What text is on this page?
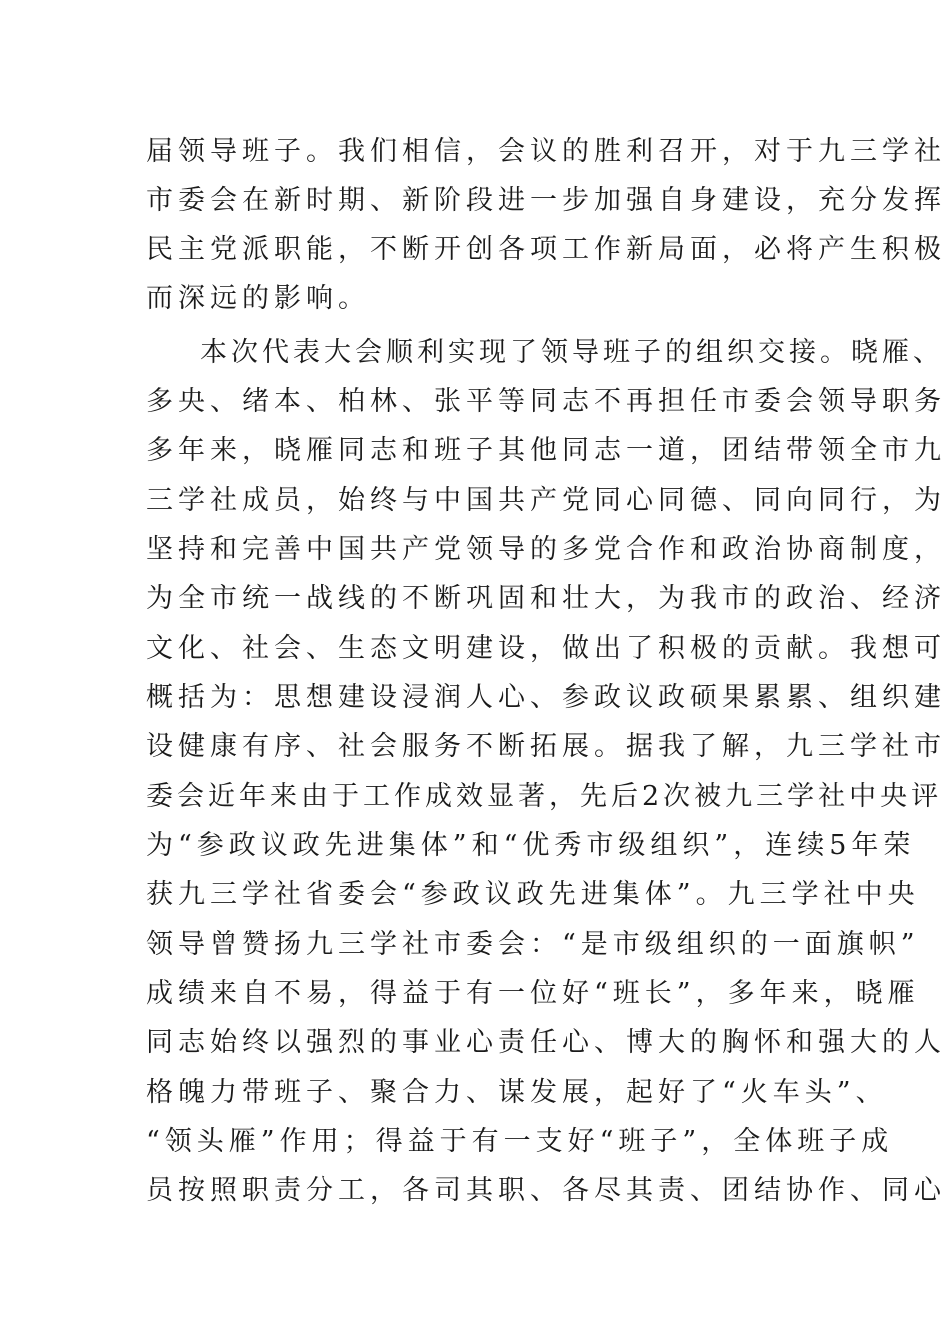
届领导班子。我们相信，会议的胜利召开，对于九三学社

市委会在新时期、新阶段进一步加强自身建设，充分发挥

民主党派职能，不断开创各项工作新局面，必将产生积极

而深远的影响。

本次代表大会顺利实现了领导班子的组织交接。晓雁、

多央、绪本、柏林、张平等同志不再担任市委会领导职务

多年来，晓雁同志和班子其他同志一道，团结带领全市九

三学社成员，始终与中国共产党同心同德、同向同行，为

坚持和完善中国共产党领导的多党合作和政治协商制度，

为全市统一战线的不断巩固和壮大，为我市的政治、经济

文化、社会、生态文明建设，做出了积极的贡献。我想可

概括为：思想建设浸润人心、参政议政硕果累累、组织建

设健康有序、社会服务不断拓展。据我了解，九三学社市

委会近年来由于工作成效显著，先后2次被九三学社中央评

为“参政议政先进集体”和“优秀市级组织”，连续5年荣

获九三学社省委会“参政议政先进集体”。九三学社中央

领导曾赞扬九三学社市委会：“是市级组织的一面旗帜”

成绩来自不易，得益于有一位好“班长”，多年来，晓雁

同志始终以强烈的事业心责任心、博大的胸怀和强大的人

格魄力带班子、聚合力、谋发展，起好了“火车头”、

“领头雁”作用；得益于有一支好“班子”，全体班子成

员按照职责分工，各司其职、各尽其责、团结协作、同心
